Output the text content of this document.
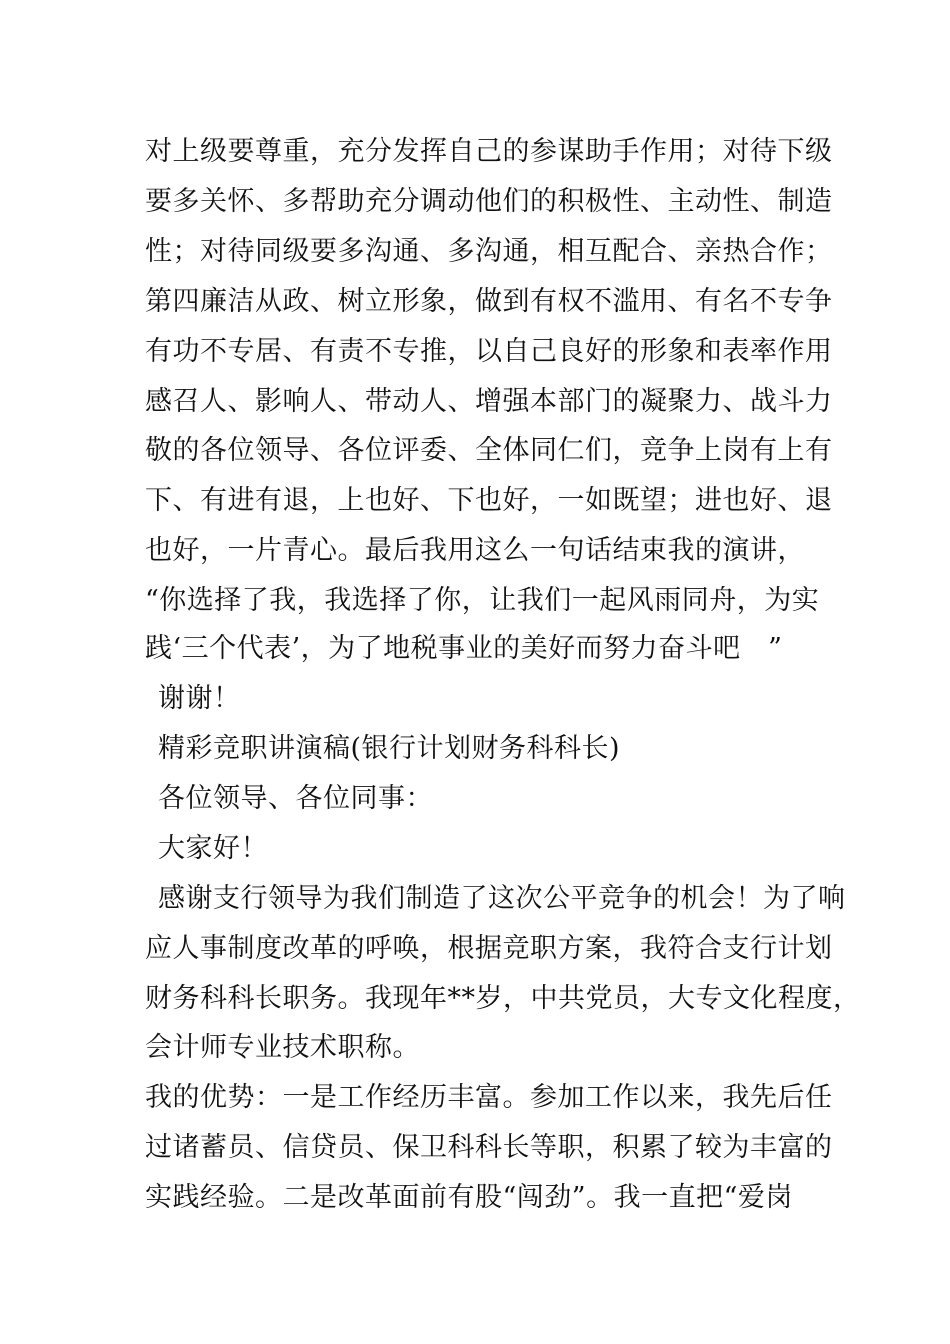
对上级要尊重，充分发挥自己的参谋助手作用；对待下级
要多关怀、多帮助充分调动他们的积极性、主动性、制造
性；对待同级要多沟通、多沟通，相互配合、亲热合作；
第四廉洁从政、树立形象，做到有权不滥用、有名不专争
有功不专居、有责不专推，以自己良好的形象和表率作用
感召人、影响人、带动人、增强本部门的凝聚力、战斗力
敬的各位领导、各位评委、全体同仁们，竞争上岗有上有
下、有进有退，上也好、下也好，一如既望；进也好、退
也好，一片青心。最后我用这么一句话结束我的演讲，
“你选择了我，我选择了你，让我们一起风雨同舟，为实
践‘三个代表’，为了地税事业的美好而努力奋斗吧　”
谢谢！
精彩竞职讲演稿(银行计划财务科科长)
各位领导、各位同事：
大家好！
感谢支行领导为我们制造了这次公平竞争的机会！为了响
应人事制度改革的呼唤，根据竞职方案，我符合支行计划
财务科科长职务。我现年**岁，中共党员，大专文化程度，
会计师专业技术职称。
我的优势：一是工作经历丰富。参加工作以来，我先后任
过诸蓄员、信贷员、保卫科科长等职，积累了较为丰富的
实践经验。二是改革面前有股“闯劲”。我一直把“爱岗
